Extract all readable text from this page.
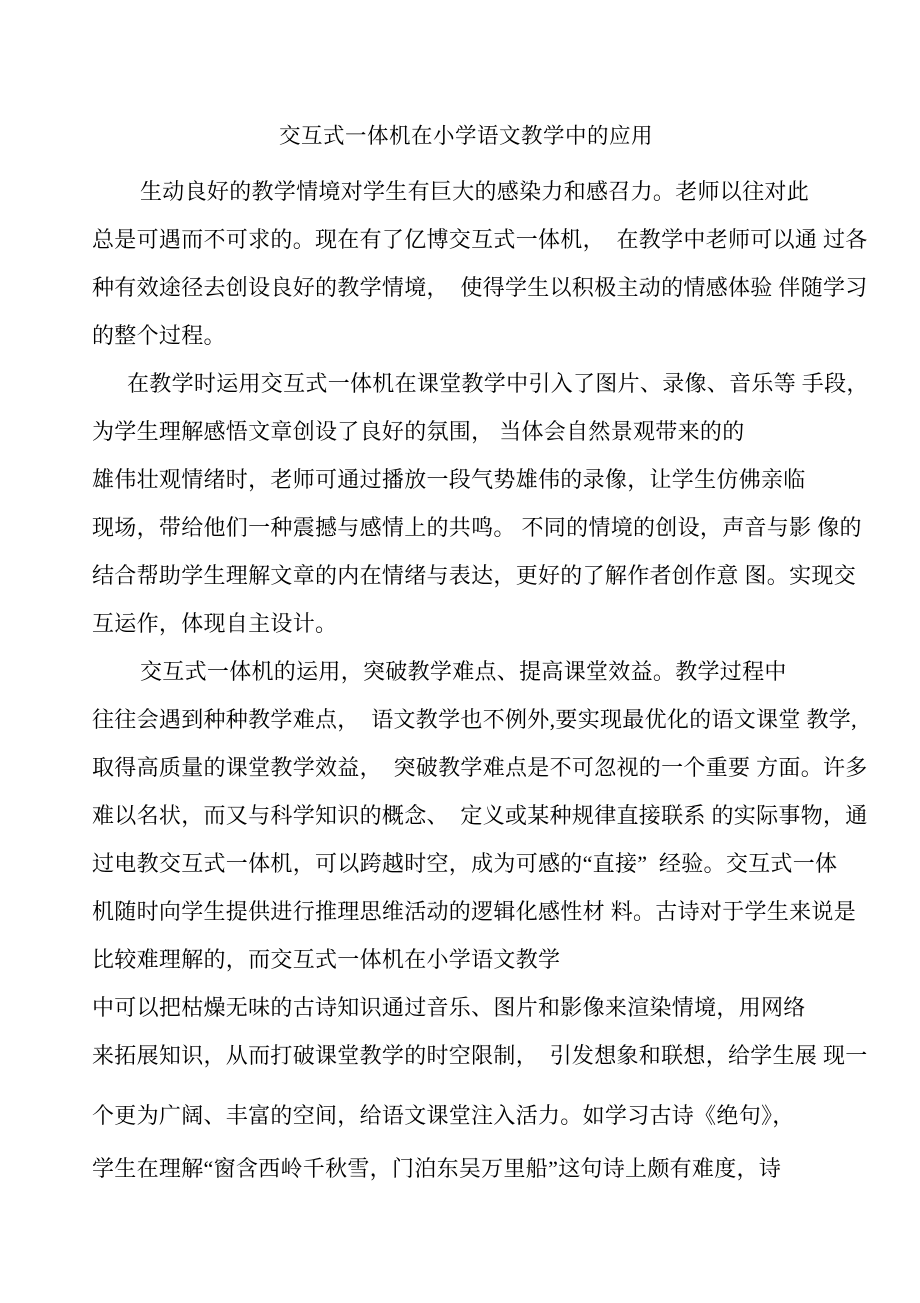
交互式一体机在小学语文教学中的应用
生动良好的教学情境对学生有巨大的感染力和感召力。老师以往对此
总是可遇而不可求的。现在有了亿博交互式一体机，  在教学中老师可以通 过各
种有效途径去创设良好的教学情境，  使得学生以积极主动的情感体验 伴随学习
的整个过程。
在教学时运用交互式一体机在课堂教学中引入了图片、录像、音乐等 手段，
为学生理解感悟文章创设了良好的氛围， 当体会自然景观带来的的
雄伟壮观情绪时，老师可通过播放一段气势雄伟的录像，让学生仿佛亲临
现场，带给他们一种震撼与感情上的共鸣。 不同的情境的创设，声音与影 像的
结合帮助学生理解文章的内在情绪与表达，更好的了解作者创作意 图。实现交
互运作，体现自主设计。
交互式一体机的运用，突破教学难点、提高课堂效益。教学过程中
往往会遇到种种教学难点，  语文教学也不例外,要实现最优化的语文课堂 教学,
取得高质量的课堂教学效益，  突破教学难点是不可忽视的一个重要 方面。许多
难以名状，而又与科学知识的概念、  定义或某种规律直接联系 的实际事物，通
过电教交互式一体机，可以跨越时空，成为可感的“直接”  经验。交互式一体
机随时向学生提供进行推理思维活动的逻辑化感性材 料。古诗对于学生来说是
比较难理解的，而交互式一体机在小学语文教学
中可以把枯燥无味的古诗知识通过音乐、图片和影像来渲染情境，用网络
来拓展知识，从而打破课堂教学的时空限制，  引发想象和联想，给学生展 现一
个更为广阔、丰富的空间，给语文课堂注入活力。如学习古诗《绝句》，
学生在理解“窗含西岭千秋雪，门泊东吴万里船”这句诗上颇有难度，诗
